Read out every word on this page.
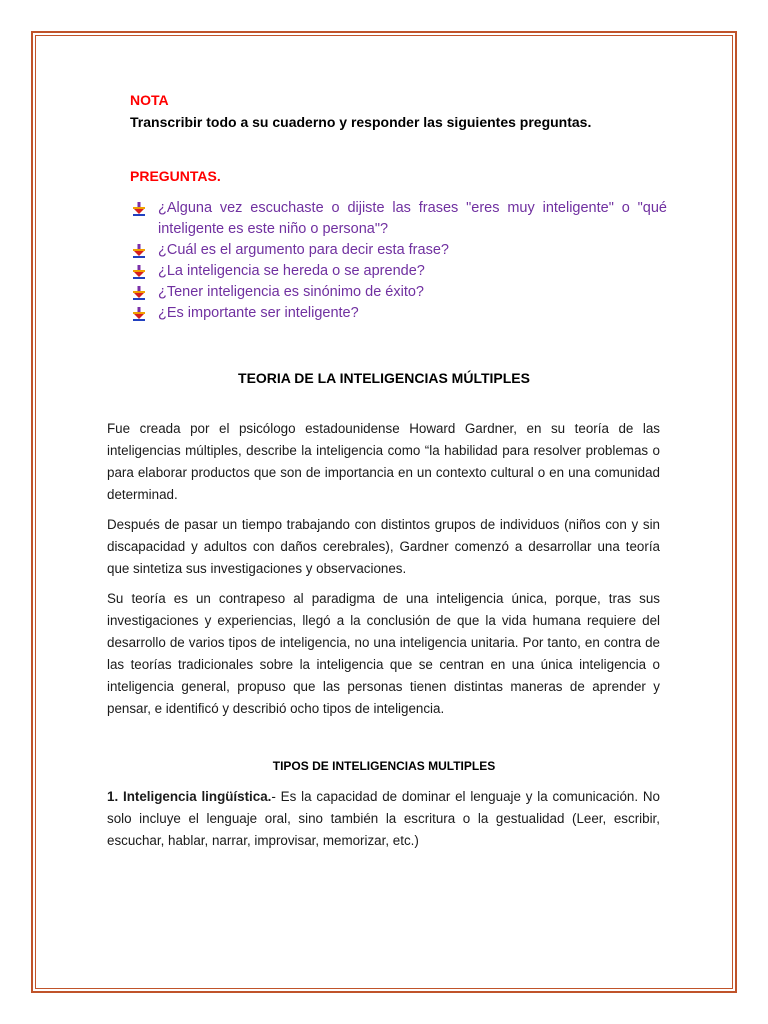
NOTA
Transcribir todo a su cuaderno y responder las siguientes preguntas.
PREGUNTAS.
¿Alguna vez escuchaste o dijiste las frases "eres muy inteligente" o "qué inteligente es este niño o persona"?
¿Cuál es el argumento para decir esta frase?
¿La inteligencia se hereda o se aprende?
¿Tener inteligencia es sinónimo de éxito?
¿Es importante ser inteligente?
TEORIA DE LA INTELIGENCIAS MÚLTIPLES

Fue creada por el psicólogo estadounidense Howard Gardner, en su teoría de las inteligencias múltiples, describe la inteligencia como “la habilidad para resolver problemas o para elaborar productos que son de importancia en un contexto cultural o en una comunidad determinad.

Después de pasar un tiempo trabajando con distintos grupos de individuos (niños con y sin discapacidad y adultos con daños cerebrales), Gardner comenzó a desarrollar una teoría que sintetiza sus investigaciones y observaciones.

Su teoría es un contrapeso al paradigma de una inteligencia única, porque, tras sus investigaciones y experiencias, llegó a la conclusión de que la vida humana requiere del desarrollo de varios tipos de inteligencia, no una inteligencia unitaria. Por tanto, en contra de las teorías tradicionales sobre la inteligencia que se centran en una única inteligencia o inteligencia general, propuso que las personas tienen distintas maneras de aprender y pensar, e identificó y describió ocho tipos de inteligencia.

TIPOS DE INTELIGENCIAS MULTIPLES

1. Inteligencia lingüística.- Es la capacidad de dominar el lenguaje y la comunicación. No solo incluye el lenguaje oral, sino también la escritura o la gestualidad (Leer, escribir, escuchar, hablar, narrar, improvisar, memorizar, etc.)
